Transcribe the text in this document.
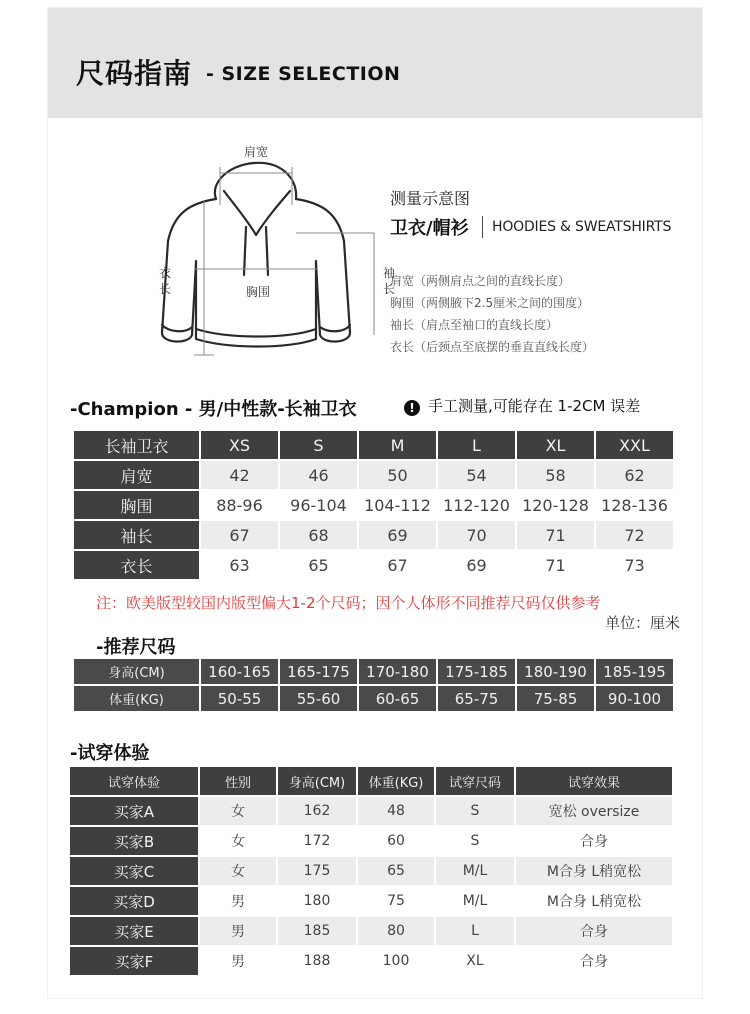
尺码指南 - SIZE SELECTION
肩宽
衣长
袖长
胸围
测量示意图
卫衣/帽衫 HOODIES & SWEATSHIRTS
肩宽（两侧肩点之间的直线长度）
胸围（两侧腋下2.5厘米之间的围度）
袖长（肩点至袖口的直线长度）
衣长（后颈点至底摆的垂直直线长度）
-Champion - 男/中性款-长袖卫衣	! 手工测量,可能存在 1-2CM 误差
长袖卫衣	XS	S	M	L	XL	XXL
肩宽	42	46	50	54	58	62
胸围	88-96	96-104	104-112	112-120	120-128	128-136
袖长	67	68	69	70	71	72
衣长	63	65	67	69	71	73
注：欧美版型较国内版型偏大1-2个尺码；因个人体形不同推荐尺码仅供参考
单位：厘米
-推荐尺码
身高(CM)	160-165	165-175	170-180	175-185	180-190	185-195
体重(KG)	50-55	55-60	60-65	65-75	75-85	90-100
-试穿体验
试穿体验	性别	身高(CM)	体重(KG)	试穿尺码	试穿效果
买家A	女	162	48	S	宽松 oversize
买家B	女	172	60	S	合身
买家C	女	175	65	M/L	M合身 L稍宽松
买家D	男	180	75	M/L	M合身 L稍宽松
买家E	男	185	80	L	合身
买家F	男	188	100	XL	合身
